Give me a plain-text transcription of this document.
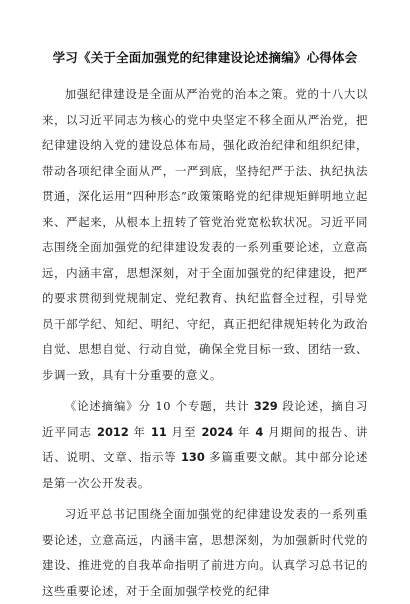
学习《关于全面加强党的纪律建设论述摘编》心得体会

加强纪律建设是全面从严治党的治本之策。党的十八大以来，以习近平同志为核心的党中央坚定不移全面从严治党，把纪律建设纳入党的建设总体布局，强化政治纪律和组织纪律，带动各项纪律全面从严，一严到底，坚持纪严于法、执纪执法贯通，深化运用“四种形态”政策策略党的纪律规矩鲜明地立起来、严起来，从根本上扭转了管党治党宽松软状况。习近平同志围绕全面加强党的纪律建设发表的一系列重要论述，立意高远，内涵丰富，思想深刻，对于全面加强党的纪律建设，把严的要求贯彻到党规制定、党纪教育、执纪监督全过程，引导党员干部学纪、知纪、明纪、守纪，真正把纪律规矩转化为政治自觉、思想自觉、行动自觉，确保全党目标一致、团结一致、步调一致，具有十分重要的意义。

《论述摘编》分 10 个专题，共计 329 段论述，摘自习近平同志 2012 年 11 月至 2024 年 4 月期间的报告、讲话、说明、文章、指示等 130 多篇重要文献。其中部分论述是第一次公开发表。

习近平总书记围绕全面加强党的纪律建设发表的一系列重要论述，立意高远，内涵丰富，思想深刻，为加强新时代党的建设、推进党的自我革命指明了前进方向。认真学习总书记的这些重要论述，对于全面加强学校党的纪律
